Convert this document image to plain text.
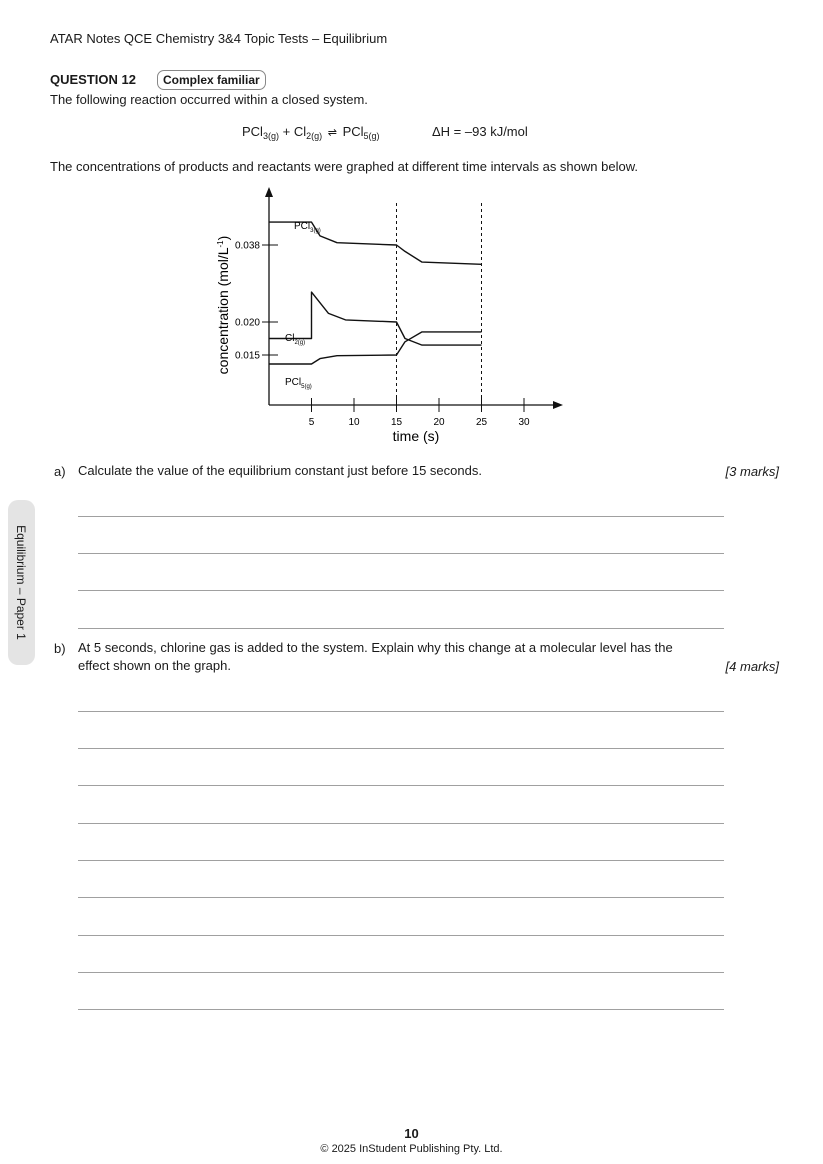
ATAR Notes QCE Chemistry 3&4 Topic Tests – Equilibrium
QUESTION 12	Complex familiar
The following reaction occurred within a closed system.
$PCl_{3(g)} + Cl_{2(g)}$ ⇌ PCl$_{5(g)}$	ΔH = –93 kJ/mol
The concentrations of products and reactants were graphed at different time intervals as shown below.
5	10	15	20	25	30
0.015
0.020
0.038
PCl$_{3(g)}$
$Cl_{2(g)}$
PCl$_{5(g)}$
time (s)
concentration $(mol/L^{-1})$
a) Calculate the value of the equilibrium constant just before 15 seconds.	[3 marks]
b) At 5 seconds, chlorine gas is added to the system. Explain why this change at a molecular level has the
effect shown on the graph.	[4 marks]
Equilibrium – Paper 1
10
© 2025 InStudent Publishing Pty. Ltd.
